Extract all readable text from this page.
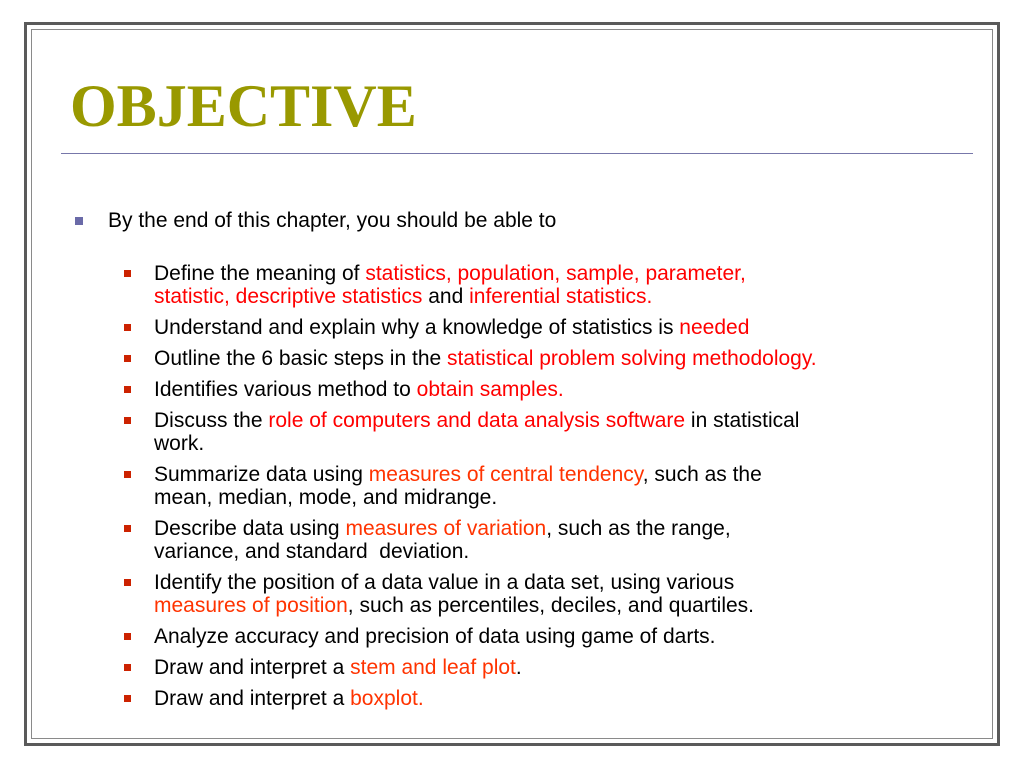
OBJECTIVE
By the end of this chapter, you should be able to
Define the meaning of statistics, population, sample, parameter,
statistic, descriptive statistics and inferential statistics.
Understand and explain why a knowledge of statistics is needed
Outline the 6 basic steps in the statistical problem solving methodology.
Identifies various method to obtain samples.
Discuss the role of computers and data analysis software in statistical
work.
Summarize data using measures of central tendency, such as the
mean, median, mode, and midrange.
Describe data using measures of variation, such as the range,
variance, and standard  deviation.
Identify the position of a data value in a data set, using various
measures of position, such as percentiles, deciles, and quartiles.
Analyze accuracy and precision of data using game of darts.
Draw and interpret a stem and leaf plot.
Draw and interpret a boxplot.
